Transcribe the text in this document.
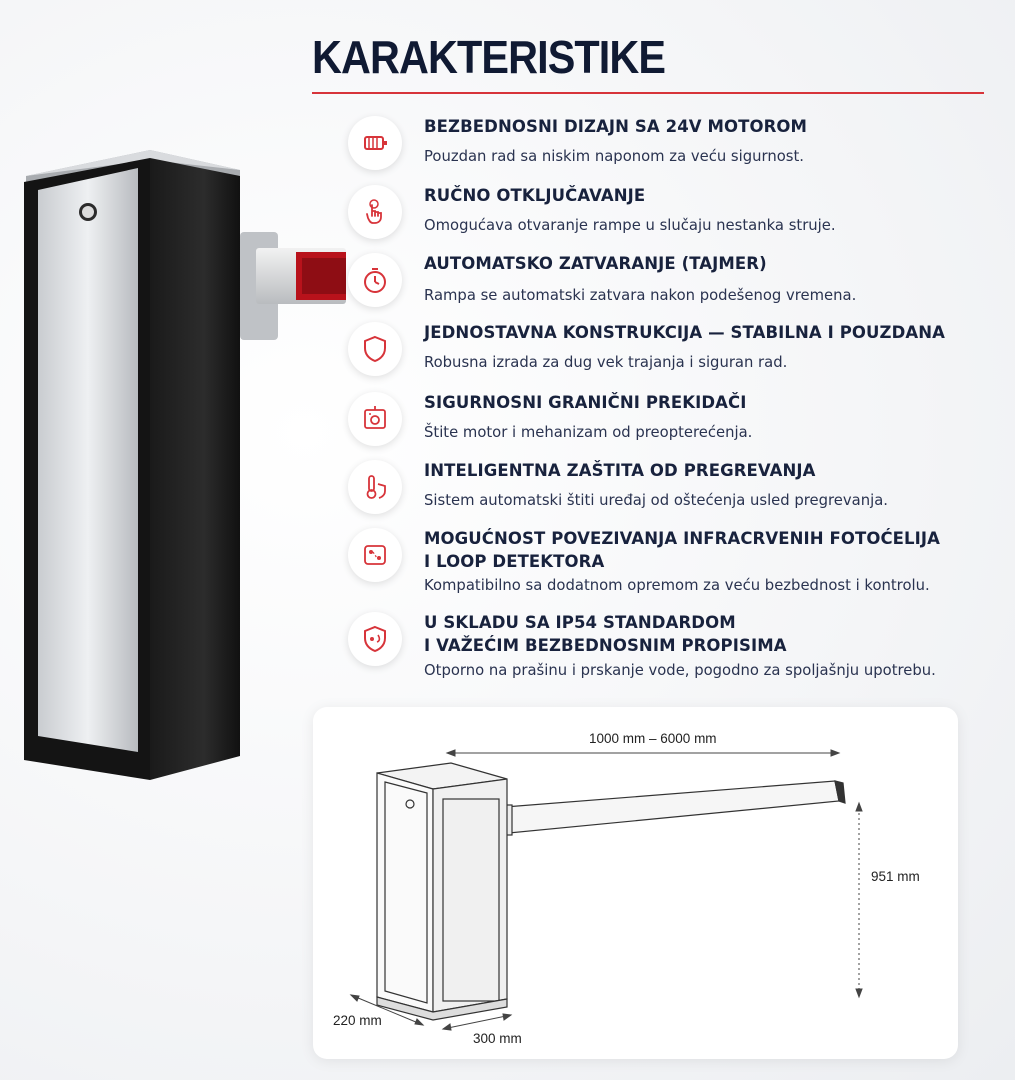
KARAKTERISTIKE
BEZBEDNOSNI DIZAJN SA 24V MOTOROM
Pouzdan rad sa niskim naponom za veću sigurnost.
RUČNO OTKLJUČAVANJE
Omogućava otvaranje rampe u slučaju nestanka struje.
AUTOMATSKO ZATVARANJE (TAJMER)
Rampa se automatski zatvara nakon podešenog vremena.
JEDNOSTAVNA KONSTRUKCIJA — STABILNA I POUZDANA
Robusna izrada za dug vek trajanja i siguran rad.
SIGURNOSNI GRANIČNI PREKIDAČI
Štite motor i mehanizam od preopterećenja.
INTELIGENTNA ZAŠTITA OD PREGREVANJA
Sistem automatski štiti uređaj od oštećenja usled pregrevanja.
MOGUĆNOST POVEZIVANJA INFRACRVENIH FOTOĆELIJA
I LOOP DETEKTORA
Kompatibilno sa dodatnom opremom za veću bezbednost i kontrolu.
U SKLADU SA IP54 STANDARDOM
I VAŽEĆIM BEZBEDNOSNIM PROPISIMA
Otporno na prašinu i prskanje vode, pogodno za spoljašnju upotrebu.
1000 mm – 6000 mm
951 mm
220 mm
300 mm
